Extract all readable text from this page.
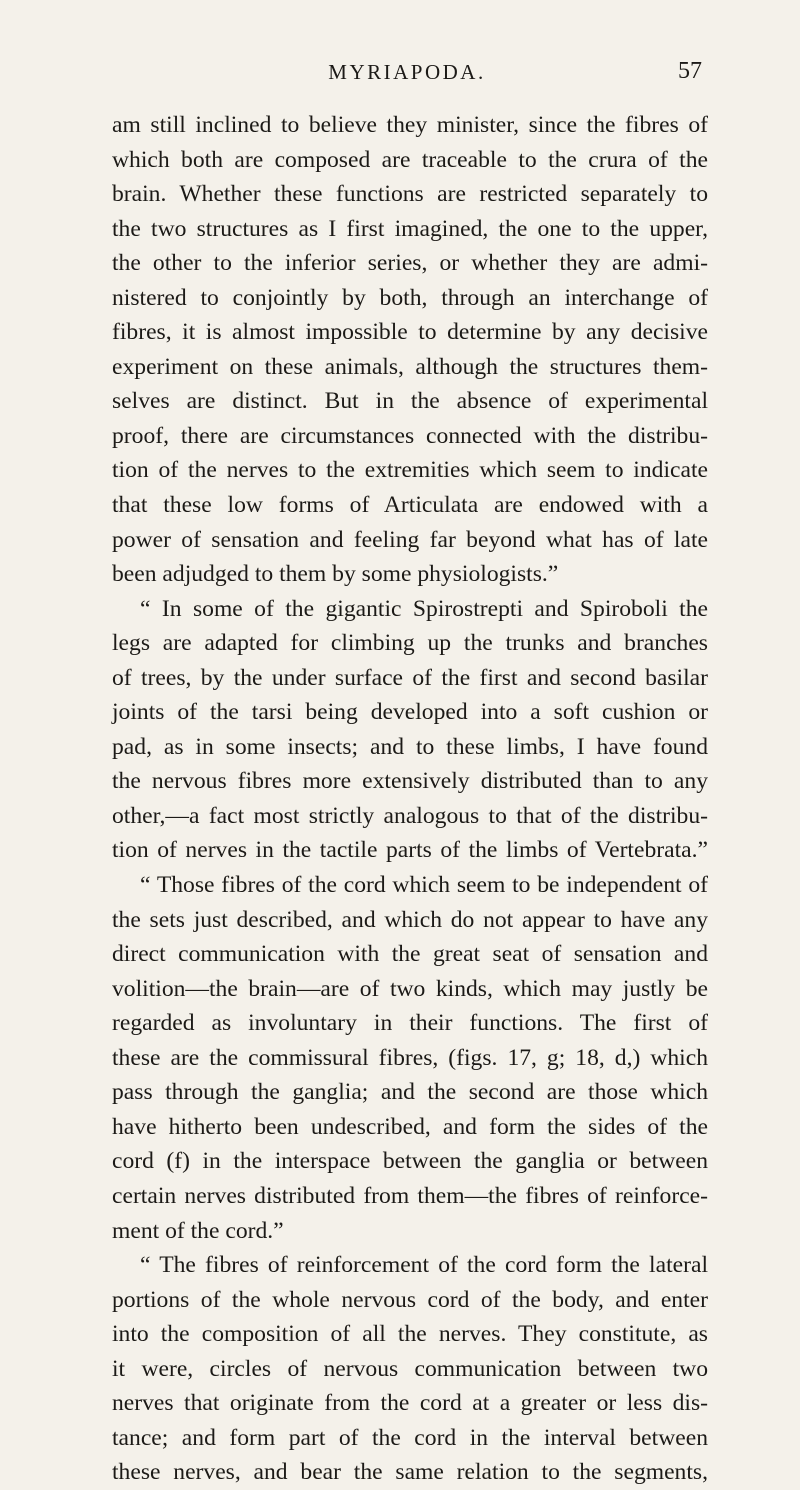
MYRIAPODA.	57
am still inclined to believe they minister, since the fibres of
which both are composed are traceable to the crura of the
brain. Whether these functions are restricted separately to
the two structures as I first imagined, the one to the upper,
the other to the inferior series, or whether they are admi-
nistered to conjointly by both, through an interchange of
fibres, it is almost impossible to determine by any decisive
experiment on these animals, although the structures them-
selves are distinct. But in the absence of experimental
proof, there are circumstances connected with the distribu-
tion of the nerves to the extremities which seem to indicate
that these low forms of Articulata are endowed with a
power of sensation and feeling far beyond what has of late
been adjudged to them by some physiologists.”
“ In some of the gigantic Spirostrepti and Spiroboli the
legs are adapted for climbing up the trunks and branches
of trees, by the under surface of the first and second basilar
joints of the tarsi being developed into a soft cushion or
pad, as in some insects; and to these limbs, I have found
the nervous fibres more extensively distributed than to any
other,—a fact most strictly analogous to that of the distribu-
tion of nerves in the tactile parts of the limbs of Vertebrata.”
“ Those fibres of the cord which seem to be independent of
the sets just described, and which do not appear to have any
direct communication with the great seat of sensation and
volition—the brain—are of two kinds, which may justly be
regarded as involuntary in their functions. The first of
these are the commissural fibres, (figs. 17, g; 18, d,) which
pass through the ganglia; and the second are those which
have hitherto been undescribed, and form the sides of the
cord (f) in the interspace between the ganglia or between
certain nerves distributed from them—the fibres of reinforce-
ment of the cord.”
“ The fibres of reinforcement of the cord form the lateral
portions of the whole nervous cord of the body, and enter
into the composition of all the nerves. They constitute, as
it were, circles of nervous communication between two
nerves that originate from the cord at a greater or less dis-
tance; and form part of the cord in the interval between
these nerves, and bear the same relation to the segments,
